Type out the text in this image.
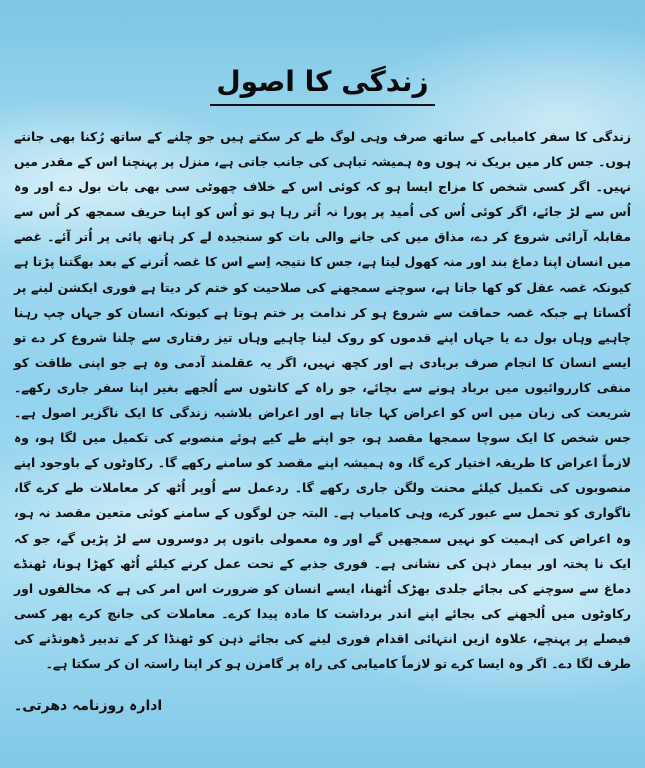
زندگی کا اصول
زندگی کا سفر کامیابی کے ساتھ صرف وہی لوگ طے کر سکتے ہیں جو چلنے کے ساتھ رُکنا بھی جانتے ہوں۔ جس کار میں بریک نہ ہوں وہ ہمیشہ تباہی کی جانب جاتی ہے، منزل پر پہنچنا اس کے مقدر میں نہیں۔ اگر کسی شخص کا مزاج ایسا ہو کہ کوئی اس کے خلاف چھوٹی سی بھی بات بول دے اور وہ اُس سے لڑ جائے، اگر کوئی اُس کی اُمید پر پورا نہ اُتر رہا ہو تو اُس کو اپنا حریف سمجھ کر اُس سے مقابلہ آرائی شروع کر دے، مذاق میں کی جانے والی بات کو سنجیدہ لے کر ہاتھ پائی پر اُتر آئے۔ غصے میں انسان اپنا دماغ بند اور منہ کھول لیتا ہے، جس کا نتیجہ اِسے اس کا غصہ اُترنے کے بعد بھگتنا پڑتا ہے کیونکہ غصہ عقل کو کھا جاتا ہے، سوچنے سمجھنے کی صلاحیت کو ختم کر دیتا ہے فوری ایکشن لینے پر اُکساتا ہے جبکہ غصہ حماقت سے شروع ہو کر ندامت پر ختم ہوتا ہے کیونکہ انسان کو جہاں چپ رہنا چاہیے وہاں بول دے یا جہاں اپنے قدموں کو روک لینا چاہیے وہاں تیز رفتاری سے چلنا شروع کر دے تو ایسے انسان کا انجام صرف بربادی ہے اور کچھ نہیں، اگر یہ عقلمند آدمی وہ ہے جو اپنی طاقت کو منفی کارروائیوں میں برباد ہونے سے بچائے، جو راہ کے کانٹوں سے اُلجھے بغیر اپنا سفر جاری رکھے۔ شریعت کی زبان میں اس کو اعراض کہا جاتا ہے اور اعراض بلاشبہ زندگی کا ایک ناگزیر اصول ہے۔ جس شخص کا ایک سوچا سمجھا مقصد ہو، جو اپنے طے کیے ہوئے منصوبے کی تکمیل میں لگا ہو، وہ لازماً اعراض کا طریقہ اختیار کرے گا، وہ ہمیشہ اپنے مقصد کو سامنے رکھے گا۔ رکاوٹوں کے باوجود اپنے منصوبوں کی تکمیل کیلئے محنت ولگن جاری رکھے گا۔ ردعمل سے اُوپر اُٹھ کر معاملات طے کرے گا، ناگواری کو تحمل سے عبور کرے، وہی کامیاب ہے۔ البتہ جن لوگوں کے سامنے کوئی متعین مقصد نہ ہو، وہ اعراض کی اہمیت کو نہیں سمجھیں گے اور وہ معمولی باتوں پر دوسروں سے لڑ پڑیں گے، جو کہ ایک نا پختہ اور بیمار ذہن کی نشانی ہے۔ فوری جذبے کے تحت عمل کرنے کیلئے اُٹھ کھڑا ہونا، ٹھنڈے دماغ سے سوچنے کی بجائے جلدی بھڑک اُٹھنا، ایسے انسان کو ضرورت اس امر کی ہے کہ مخالفوں اور رکاوٹوں میں اُلجھنے کی بجائے اپنے اندر برداشت کا مادہ پیدا کرے۔ معاملات کی جانچ کرے پھر کسی فیصلے پر پہنچے، علاوہ ازیں انتہائی اقدام فوری لینے کی بجائے ذہن کو ٹھنڈا کر کے تدبیر ڈھونڈنے کی طرف لگا دے۔ اگر وہ ایسا کرے تو لازماً کامیابی کی راہ پر گامزن ہو کر اپنا راستہ ان کر سکتا ہے۔
ادارہ روزنامہ دھرتی۔
